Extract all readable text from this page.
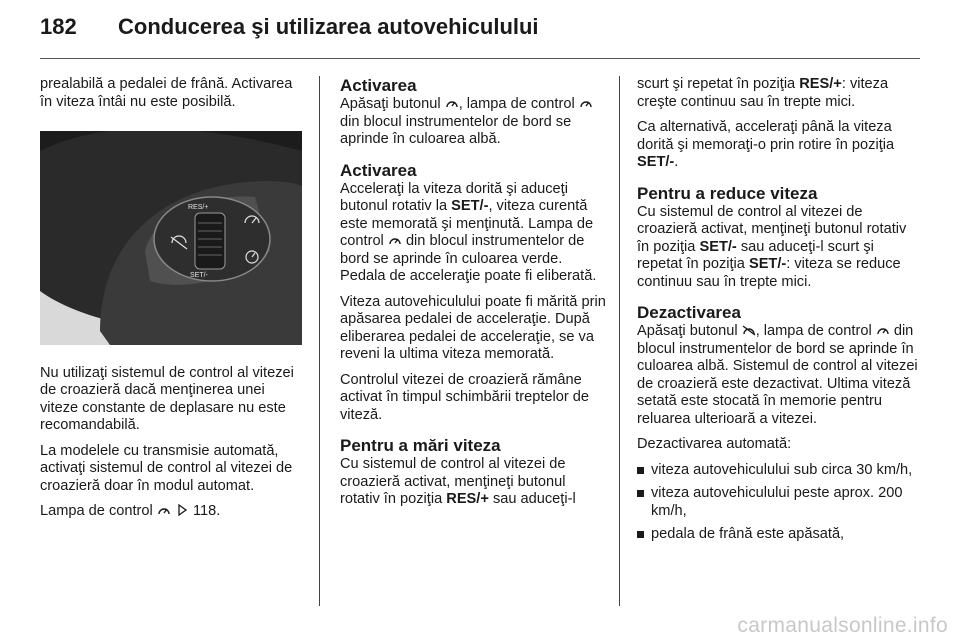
182 Conducerea şi utilizarea autovehiculului

prealabilă a pedalei de frână. Activarea în viteza întâi nu este posibilă.

RES/+
SET/-

Nu utilizaţi sistemul de control al vitezei de croazieră dacă menţinerea unei viteze constante de deplasare nu este recomandabilă.

La modelele cu transmisie automată, activaţi sistemul de control al vitezei de croazieră doar în modul automat.

Lampa de control	118.

Activarea

Apăsaţi butonul , lampa de control  din blocul instrumentelor de bord se aprinde în culoarea albă.

Activarea

Acceleraţi la viteza dorită şi aduceţi butonul rotativ la SET/-, viteza curentă este memorată şi menţinută. Lampa de control din blocul instrumentelor de bord se aprinde în culoarea verde. Pedala de acceleraţie poate fi eliberată.

Viteza autovehiculului poate fi mărită prin apăsarea pedalei de acceleraţie. După eliberarea pedalei de acceleraţie, se va reveni la ultima viteza memorată.

Controlul vitezei de croazieră rămâne activat în timpul schimbării treptelor de viteză.

Pentru a mări viteza

Cu sistemul de control al vitezei de croazieră activat, menţineţi butonul rotativ în poziţia RES/+ sau aduceţi-l

scurt şi repetat în poziţia RES/+: viteza creşte continuu sau în trepte mici.

Ca alternativă, acceleraţi până la viteza dorită şi memoraţi-o prin rotire în poziţia SET/-.

Pentru a reduce viteza

Cu sistemul de control al vitezei de croazieră activat, menţineţi butonul rotativ în poziţia SET/- sau aduceţi-l scurt şi repetat în poziţia SET/-: viteza se reduce continuu sau în trepte mici.

Dezactivarea

Apăsaţi butonul , lampa de control din blocul instrumentelor de bord se aprinde în culoarea albă. Sistemul de control al vitezei de croazieră este dezactivat. Ultima viteză setată este stocată în memorie pentru reluarea ulterioară a vitezei.

Dezactivarea automată:

viteza autovehiculului sub circa 30 km/h,
viteza autovehiculului peste aprox. 200 km/h,
pedala de frână este apăsată,
carmanualsonline.info
